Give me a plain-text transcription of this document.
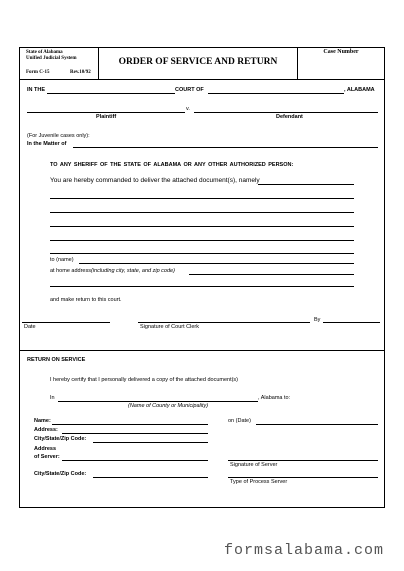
State of Alabama
Unified Judicial System
Form C-15	Rev.10/92
ORDER OF SERVICE AND RETURN
Case Number
IN THE	COURT OF	, ALABAMA
v.
Plaintiff	Defendant
(For Juvenile cases only):
In the Matter of
TO ANY SHERIFF OF THE STATE OF ALABAMA OR ANY OTHER AUTHORIZED PERSON:
You are hereby commanded to deliver the attached document(s), namely
to (name)
at home address(including city, state, and zip code)
and make return to this court.
By
Date	Signature of Court Clerk
RETURN ON SERVICE
I hereby certify that I personally delivered a copy of the attached document(s)
In	, Alabama to:
(Name of County or Municipality)
Name:	on (Date)
Address:
City/State/Zip Code:
Address
of Server:
Signature of Server
City/State/Zip Code:
Type of Process Server
formsalabama.com
